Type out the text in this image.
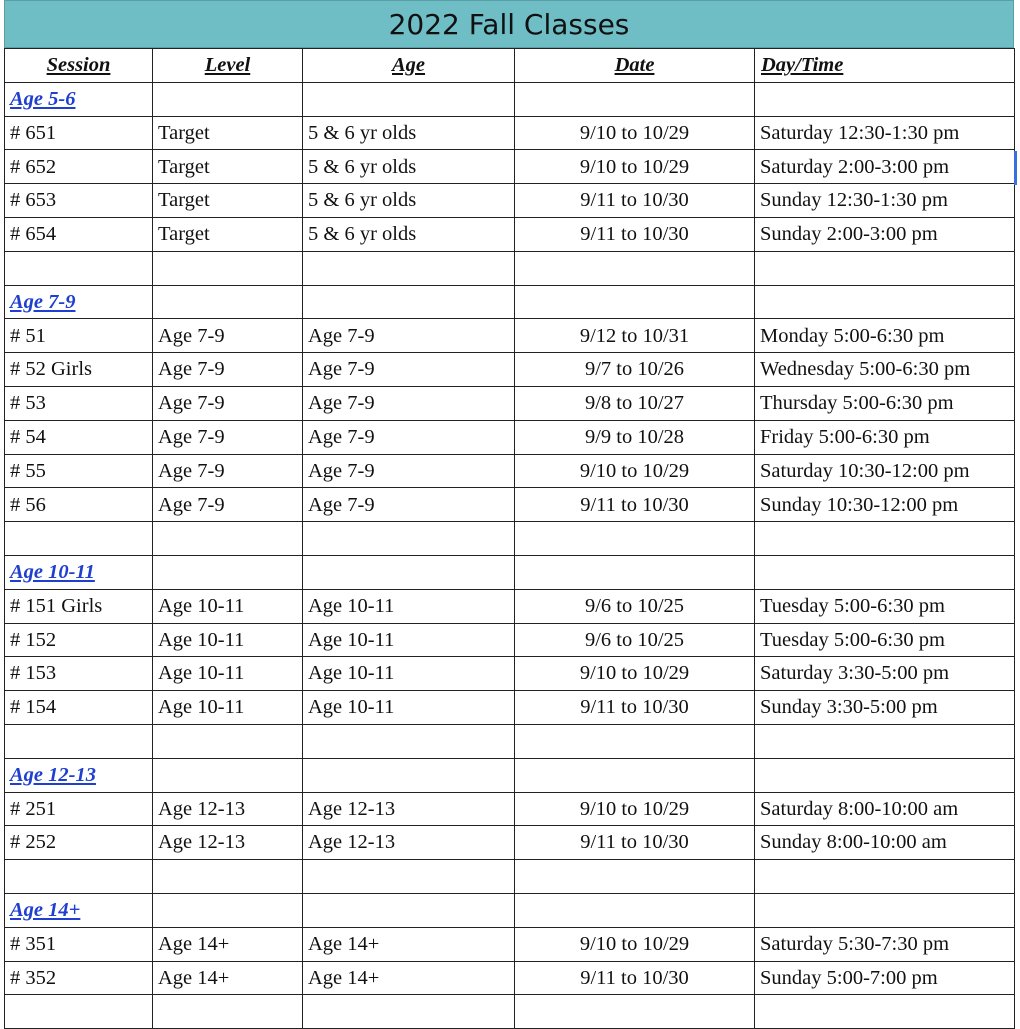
2022 Fall Classes
Session	Level	Age	Date	Day/Time
Age 5-6				
# 651	Target	5 & 6 yr olds	9/10 to 10/29	Saturday 12:30-1:30 pm
# 652	Target	5 & 6 yr olds	9/10 to 10/29	Saturday 2:00-3:00 pm
# 653	Target	5 & 6 yr olds	9/11 to 10/30	Sunday 12:30-1:30 pm
# 654	Target	5 & 6 yr olds	9/11 to 10/30	Sunday 2:00-3:00 pm

Age 7-9				
# 51	Age 7-9	Age 7-9	9/12 to 10/31	Monday 5:00-6:30 pm
# 52 Girls	Age 7-9	Age 7-9	9/7 to 10/26	Wednesday 5:00-6:30 pm
# 53	Age 7-9	Age 7-9	9/8 to 10/27	Thursday 5:00-6:30 pm
# 54	Age 7-9	Age 7-9	9/9 to 10/28	Friday 5:00-6:30 pm
# 55	Age 7-9	Age 7-9	9/10 to 10/29	Saturday 10:30-12:00 pm
# 56	Age 7-9	Age 7-9	9/11 to 10/30	Sunday 10:30-12:00 pm

Age 10-11				
# 151 Girls	Age 10-11	Age 10-11	9/6 to 10/25	Tuesday 5:00-6:30 pm
# 152	Age 10-11	Age 10-11	9/6 to 10/25	Tuesday 5:00-6:30 pm
# 153	Age 10-11	Age 10-11	9/10 to 10/29	Saturday 3:30-5:00 pm
# 154	Age 10-11	Age 10-11	9/11 to 10/30	Sunday 3:30-5:00 pm

Age 12-13				
# 251	Age 12-13	Age 12-13	9/10 to 10/29	Saturday 8:00-10:00 am
# 252	Age 12-13	Age 12-13	9/11 to 10/30	Sunday 8:00-10:00 am

Age 14+				
# 351	Age 14+	Age 14+	9/10 to 10/29	Saturday 5:30-7:30 pm
# 352	Age 14+	Age 14+	9/11 to 10/30	Sunday 5:00-7:00 pm
